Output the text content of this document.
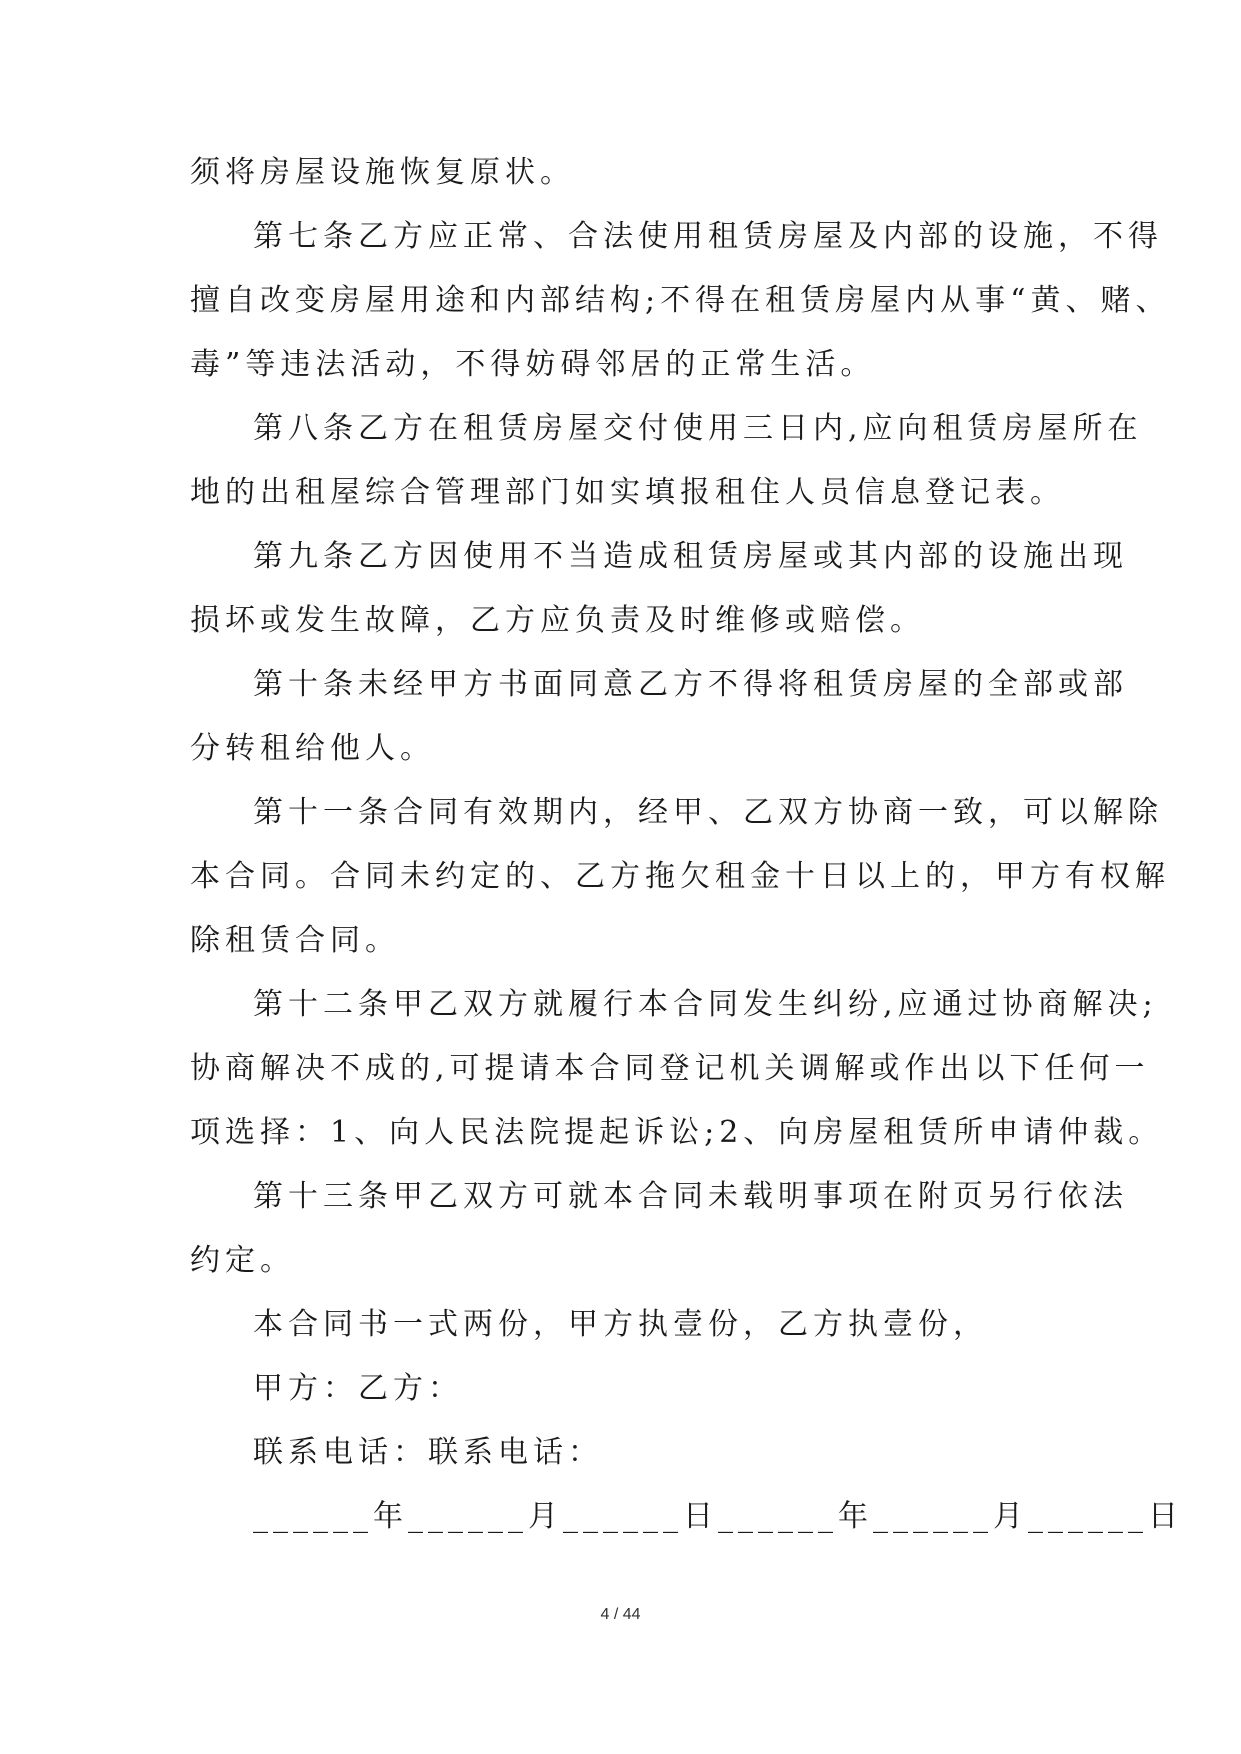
须将房屋设施恢复原状。
第七条乙方应正常、合法使用租赁房屋及内部的设施，不得
擅自改变房屋用途和内部结构;不得在租赁房屋内从事“黄、赌、
毒”等违法活动，不得妨碍邻居的正常生活。
第八条乙方在租赁房屋交付使用三日内,应向租赁房屋所在
地的出租屋综合管理部门如实填报租住人员信息登记表。
第九条乙方因使用不当造成租赁房屋或其内部的设施出现
损坏或发生故障，乙方应负责及时维修或赔偿。
第十条未经甲方书面同意乙方不得将租赁房屋的全部或部
分转租给他人。
第十一条合同有效期内，经甲、乙双方协商一致，可以解除
本合同。合同未约定的、乙方拖欠租金十日以上的，甲方有权解
除租赁合同。
第十二条甲乙双方就履行本合同发生纠纷,应通过协商解决;
协商解决不成的,可提请本合同登记机关调解或作出以下任何一
项选择：1、向人民法院提起诉讼;2、向房屋租赁所申请仲裁。
第十三条甲乙双方可就本合同未载明事项在附页另行依法
约定。
本合同书一式两份，甲方执壹份，乙方执壹份，
甲方：乙方：
联系电话：联系电话：
______年______月______日______年______月______日
4 / 44
